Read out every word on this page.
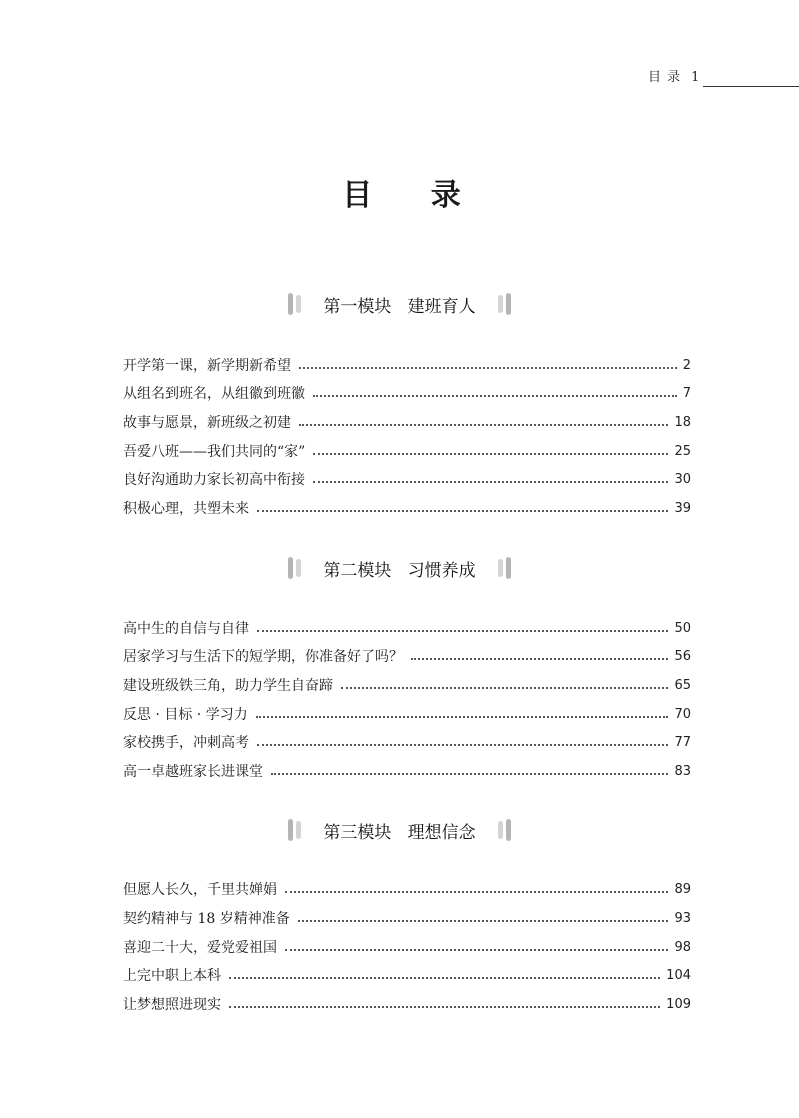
目 录 1
目 录
第一模块   建班育人
开学第一课，新学期新希望	2
从组名到班名，从组徽到班徽	7
故事与愿景，新班级之初建	18
吾爱八班——我们共同的“家”	25
良好沟通助力家长初高中衔接	30
积极心理，共塑未来	39
第二模块   习惯养成
高中生的自信与自律	50
居家学习与生活下的短学期，你准备好了吗？	56
建设班级铁三角，助力学生自奋蹄	65
反思 · 目标 · 学习力	70
家校携手，冲刺高考	77
高一卓越班家长进课堂	83
第三模块   理想信念
但愿人长久，千里共婵娟	89
契约精神与 18 岁精神准备	93
喜迎二十大，爱党爱祖国	98
上完中职上本科	104
让梦想照进现实	109
